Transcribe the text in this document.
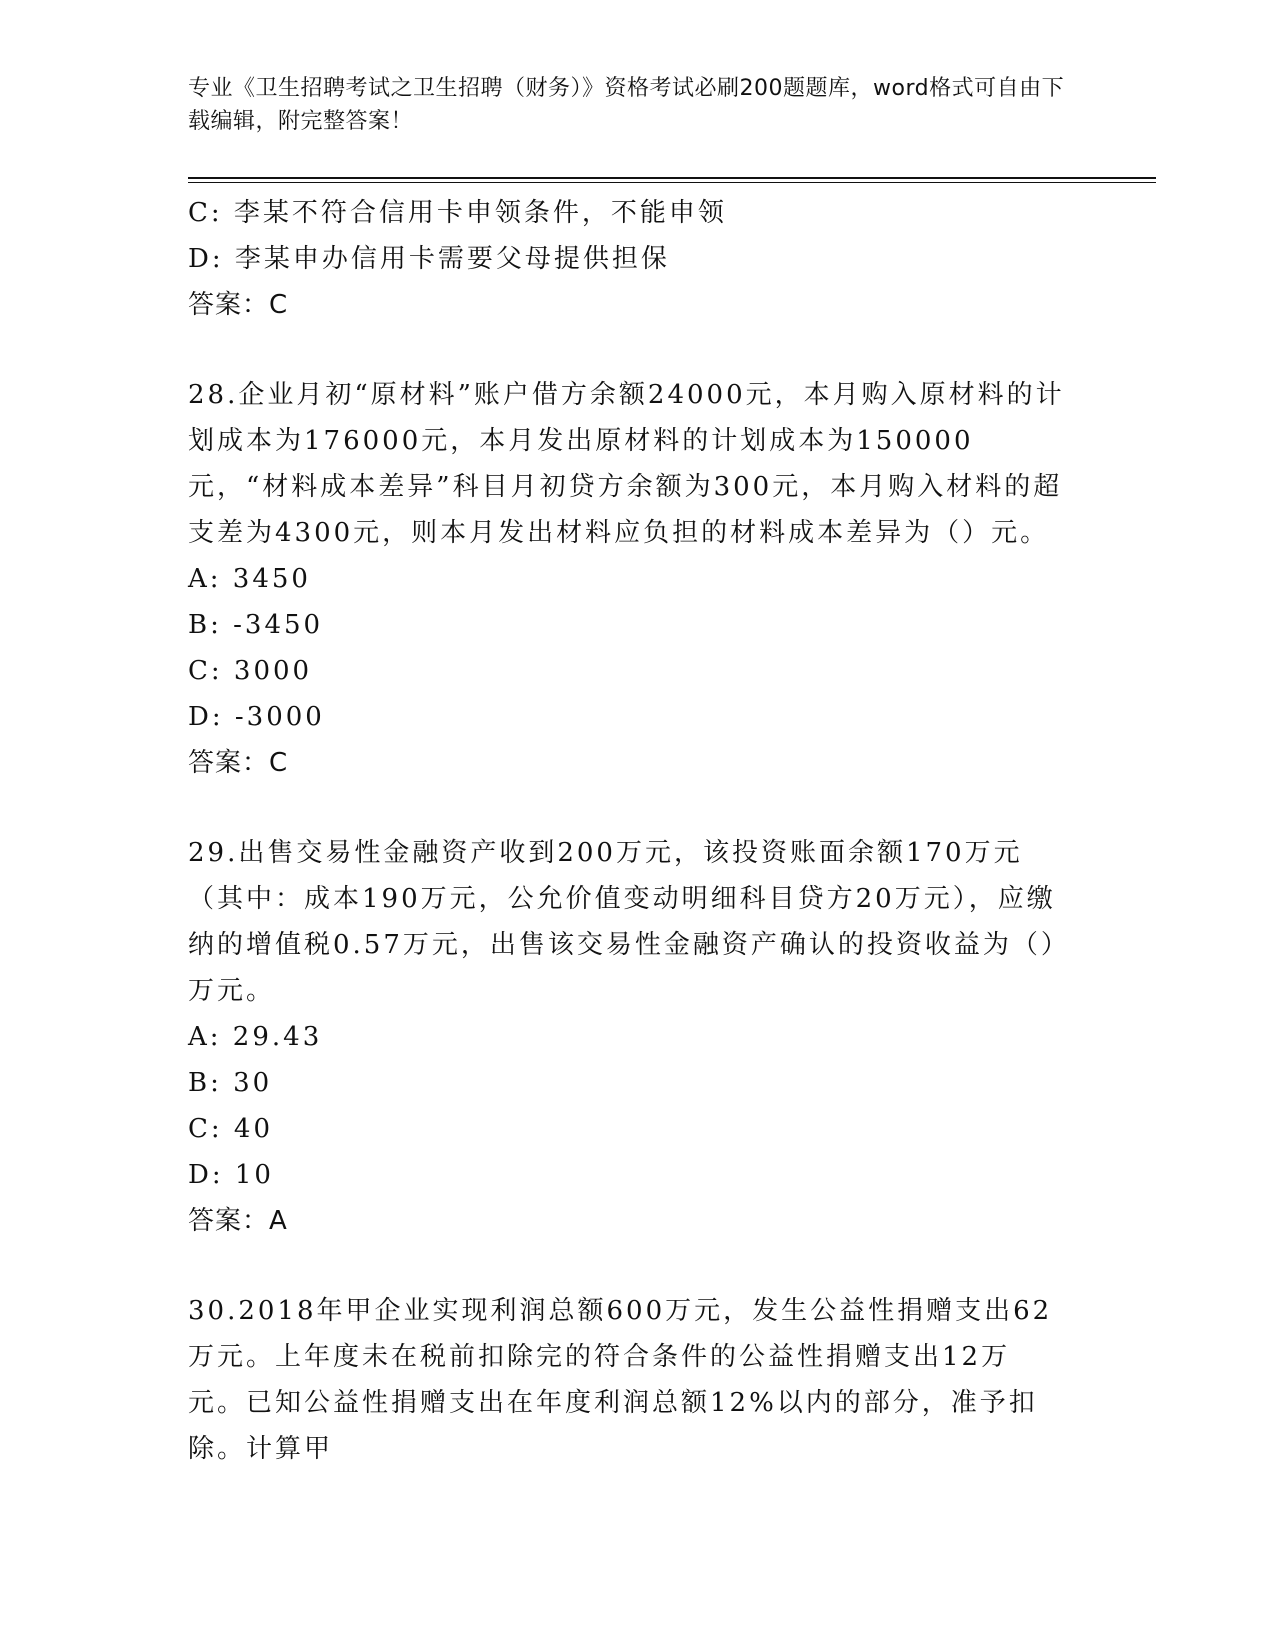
专业《卫生招聘考试之卫生招聘（财务）》资格考试必刷200题题库，word格式可自由下载编辑，附完整答案！
C: 李某不符合信用卡申领条件，不能申领
D: 李某申办信用卡需要父母提供担保
答案：C
28.企业月初“原材料”账户借方余额24000元，本月购入原材料的计划成本为176000元，本月发出原材料的计划成本为150000元，“材料成本差异”科目月初贷方余额为300元，本月购入材料的超支差为4300元，则本月发出材料应负担的材料成本差异为（）元。
A: 3450
B: -3450
C: 3000
D: -3000
答案：C
29.出售交易性金融资产收到200万元，该投资账面余额170万元（其中：成本190万元，公允价值变动明细科目贷方20万元），应缴纳的增值税0.57万元，出售该交易性金融资产确认的投资收益为（）万元。
A: 29.43
B: 30
C: 40
D: 10
答案：A
30.2018年甲企业实现利润总额600万元，发生公益性捐赠支出62万元。上年度未在税前扣除完的符合条件的公益性捐赠支出12万元。已知公益性捐赠支出在年度利润总额12%以内的部分，准予扣除。计算甲
